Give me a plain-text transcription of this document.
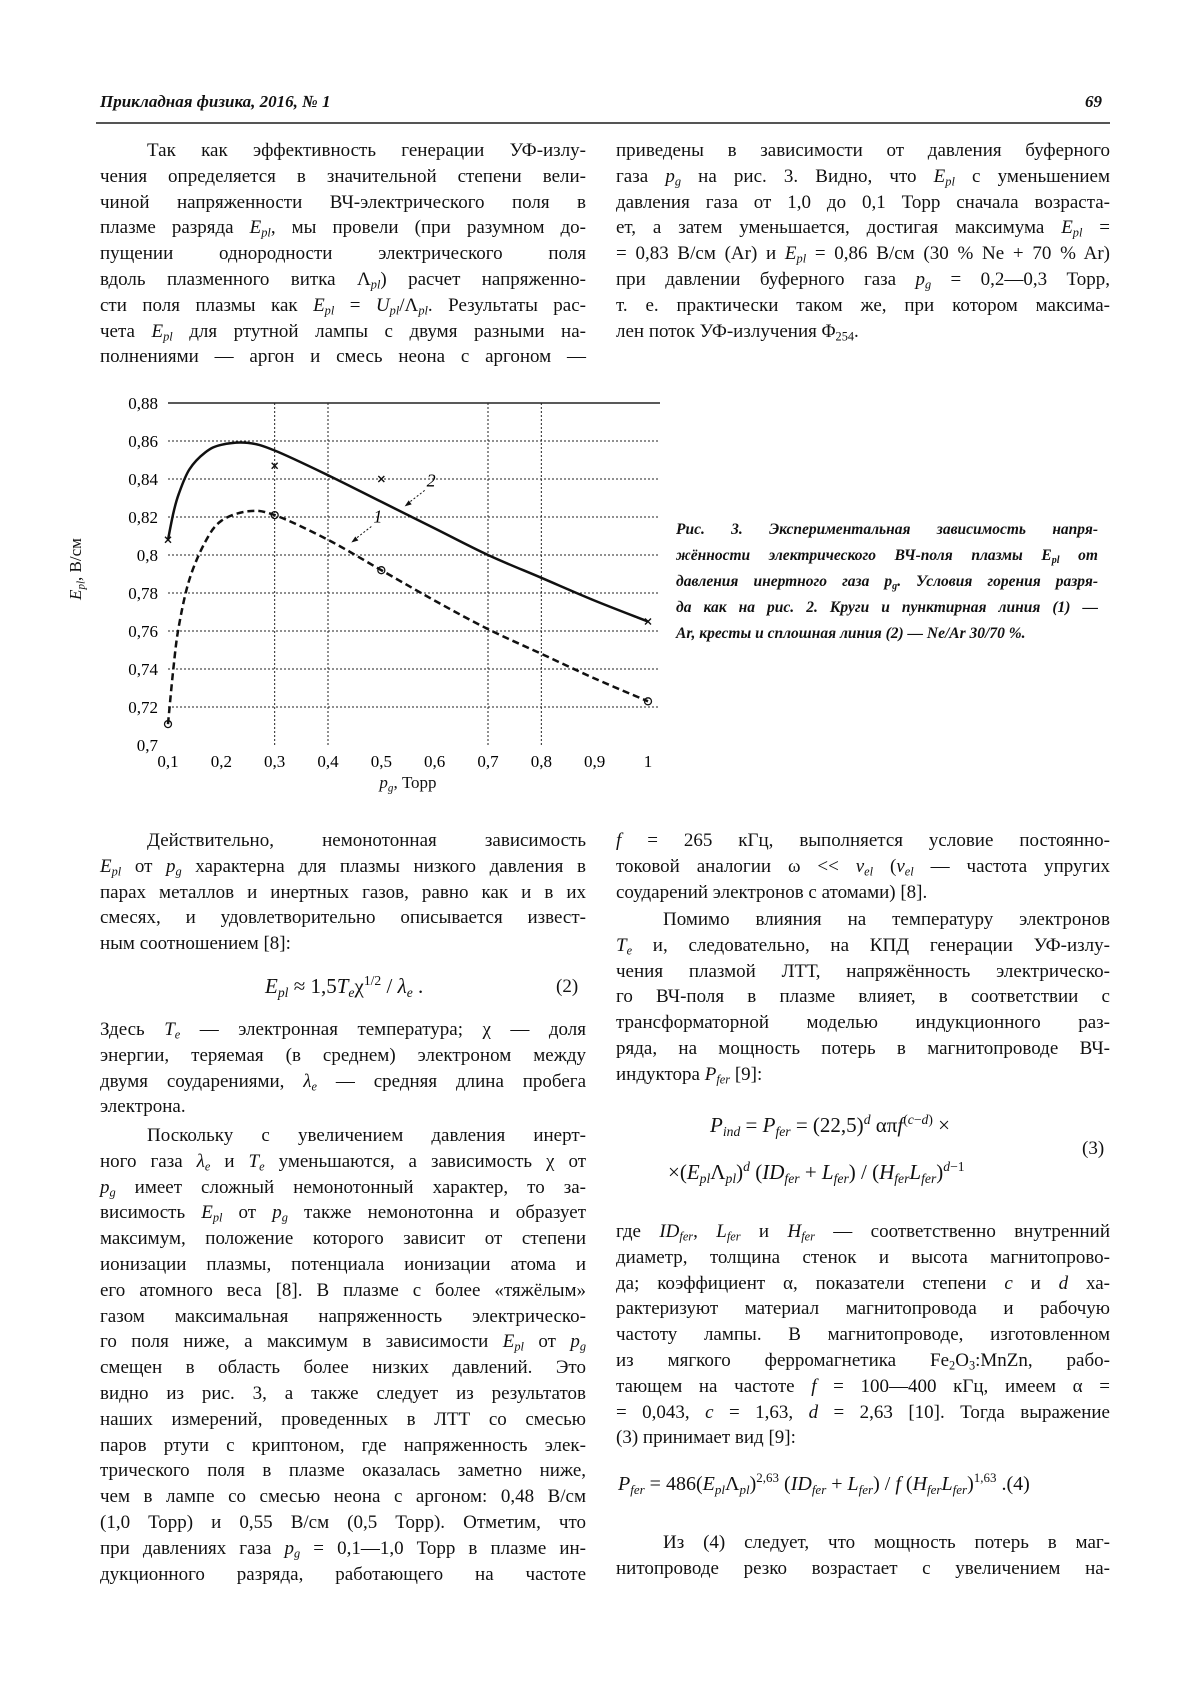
Прикладная физика, 2016, № 1	69
Так как эффективность генерации УФ-излу-
чения определяется в значительной степени вели-
чиной напряженности ВЧ-электрического поля в
плазме разряда $E_{pl}$, мы провели (при разумном до-
пущении однородности электрического поля
вдоль плазменного витка $\Lambda_{pl}$) расчет напряженно-
сти поля плазмы как $E_{pl} = U_{pl}/\Lambda_{pl}$. Результаты рас-
чета $E_{pl}$ для ртутной лампы с двумя разными на-
полнениями — аргон и смесь неона с аргоном —
приведены в зависимости от давления буферного
газа $p_g$ на рис. 3. Видно, что $E_{pl}$ с уменьшением
давления газа от 1,0 до 0,1 Торр сначала возраста-
ет, а затем уменьшается, достигая максимума $E_{pl}$ =
= 0,83 В/см (Ar) и $E_{pl} = 0,86$ В/см (30 % Ne + 70 % Ar)
при давлении буферного газа $p_g$ = 0,2—0,3 Торр,
т. е. практически таком же, при котором максима-
лен поток УФ-излучения $\Phi_{254}$.
0,7
0,72
0,74
0,76
0,78
0,8
0,82
0,84
0,86
0,88
0,1 0,2 0,3 0,4 0,5 0,6 0,7 0,8 0,9 1
$p_g$, Торр
$E_{pl}$, В/см
1
2
Рис. 3. Экспериментальная зависимость напря-
жённости электрического ВЧ-поля плазмы $E_{pl}$ от
давления инертного газа $p_g$. Условия горения разря-
да как на рис. 2. Круги и пунктирная линия (1) —
Ar, кресты и сплошная линия (2) — Ne/Ar 30/70 %.
Действительно, немонотонная зависимость
$E_{pl}$ от $p_g$ характерна для плазмы низкого давления в
парах металлов и инертных газов, равно как и в их
смесях, и удовлетворительно описывается извест-
ным соотношением [8]:
$E_{pl} \approx 1,5T_e\chi^{1/2} / \lambda_e$ .	(2)
Здесь $T_e$ — электронная температура; χ — доля
энергии, теряемая (в среднем) электроном между
двумя соударениями, $\lambda_e$ — средняя длина пробега
электрона.
Поскольку с увеличением давления инерт-
ного газа $\lambda_e$ и $T_e$ уменьшаются, а зависимость χ от
$p_g$ имеет сложный немонотонный характер, то за-
висимость $E_{pl}$ от $p_g$ также немонотонна и образует
максимум, положение которого зависит от степени
ионизации плазмы, потенциала ионизации атома и
его атомного веса [8]. В плазме с более «тяжёлым»
газом максимальная напряженность электрическо-
го поля ниже, а максимум в зависимости $E_{pl}$ от $p_g$
смещен в область более низких давлений. Это
видно из рис. 3, а также следует из результатов
наших измерений, проведенных в ЛТТ со смесью
паров ртути с криптоном, где напряженность элек-
трического поля в плазме оказалась заметно ниже,
чем в лампе со смесью неона с аргоном: 0,48 В/см
(1,0 Торр) и 0,55 В/см (0,5 Торр). Отметим, что
при давлениях газа $p_g$ = 0,1—1,0 Торр в плазме ин-
дукционного разряда, работающего на частоте
f = 265 кГц, выполняется условие постоянно-
токовой аналогии $\omega << \nu_{el}$ ($\nu_{el}$ — частота упругих
соударений электронов с атомами) [8].
Помимо влияния на температуру электронов
$T_e$ и, следовательно, на КПД генерации УФ-излу-
чения плазмой ЛТТ, напряжённость электрическо-
го ВЧ-поля в плазме влияет, в соответствии с
трансформаторной моделью индукционного раз-
ряда, на мощность потерь в магнитопроводе ВЧ-
индуктора $P_{fer}$ [9]:
$P_{ind} = P_{fer} = (22,5)^d$ απf$^{(c-d)}$ ×
$\times(E_{pl}\Lambda_{pl})^d$ $(ID_{fer} + L_{fer}) / (H_{fer}L_{fer})^{d-1}$
(3)
где $ID_{fer}$, $L_{fer}$ и $H_{fer}$ — соответственно внутренний
диаметр, толщина стенок и высота магнитопрово-
да; коэффициент α, показатели степени c и d ха-
рактеризуют материал магнитопровода и рабочую
частоту лампы. В магнитопроводе, изготовленном
из мягкого ферромагнетика $Fe_2O_3:MnZn$, рабо-
тающем на частоте f = 100—400 кГц, имеем α =
= 0,043, c = 1,63, d = 2,63 [10]. Тогда выражение
(3) принимает вид [9]:
$P_{fer} = 486(E_{pl}\Lambda_{pl})^{2,63}$ $(ID_{fer} + L_{fer}) / f$ $(H_{fer}L_{fer})^{1,63}$ .(4)
Из (4) следует, что мощность потерь в маг-
нитопроводе резко возрастает с увеличением на-
